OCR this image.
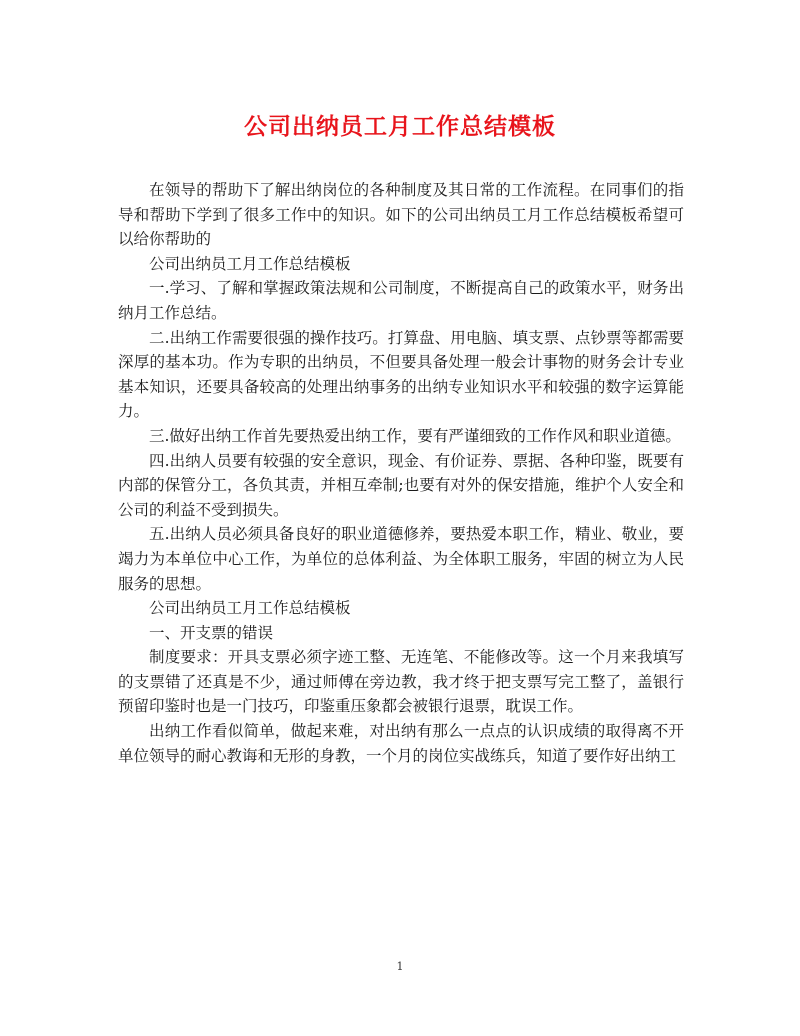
公司出纳员工月工作总结模板

在领导的帮助下了解出纳岗位的各种制度及其日常的工作流程。在同事们的指导和帮助下学到了很多工作中的知识。如下的公司出纳员工月工作总结模板希望可以给你帮助的

公司出纳员工月工作总结模板

一.学习、了解和掌握政策法规和公司制度，不断提高自己的政策水平，财务出纳月工作总结。

二.出纳工作需要很强的操作技巧。打算盘、用电脑、填支票、点钞票等都需要深厚的基本功。作为专职的出纳员，不但要具备处理一般会计事物的财务会计专业基本知识，还要具备较高的处理出纳事务的出纳专业知识水平和较强的数字运算能力。

三.做好出纳工作首先要热爱出纳工作，要有严谨细致的工作作风和职业道德。

四.出纳人员要有较强的安全意识，现金、有价证券、票据、各种印鉴，既要有内部的保管分工，各负其责，并相互牵制;也要有对外的保安措施，维护个人安全和公司的利益不受到损失。

五.出纳人员必须具备良好的职业道德修养，要热爱本职工作，精业、敬业，要竭力为本单位中心工作，为单位的总体利益、为全体职工服务，牢固的树立为人民服务的思想。

公司出纳员工月工作总结模板

一、开支票的错误

制度要求：开具支票必须字迹工整、无连笔、不能修改等。这一个月来我填写的支票错了还真是不少，通过师傅在旁边教，我才终于把支票写完工整了，盖银行预留印鉴时也是一门技巧，印鉴重压象都会被银行退票，耽误工作。

出纳工作看似简单，做起来难，对出纳有那么一点点的认识成绩的取得离不开单位领导的耐心教诲和无形的身教，一个月的岗位实战练兵，知道了要作好出纳工

1
